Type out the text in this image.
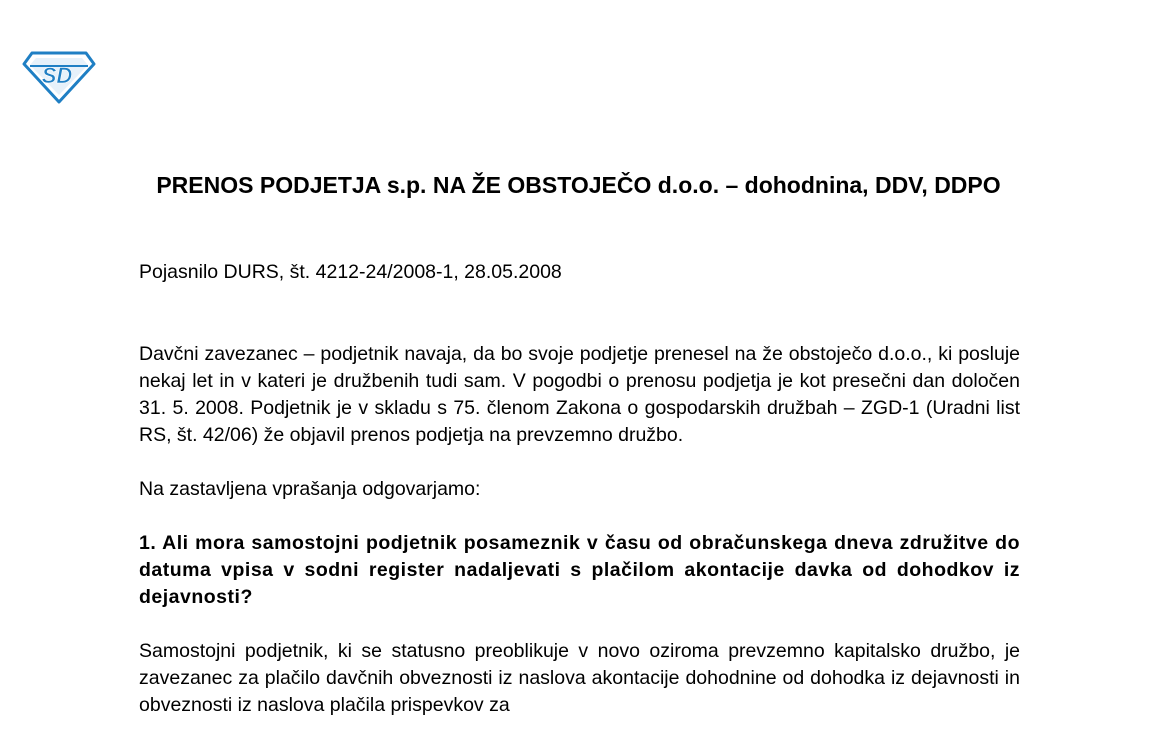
SD
PRENOS PODJETJA s.p. NA ŽE OBSTOJEČO d.o.o. – dohodnina, DDV, DDPO

Pojasnilo DURS, št. 4212-24/2008-1, 28.05.2008

Davčni zavezanec – podjetnik navaja, da bo svoje podjetje prenesel na že obstoječo d.o.o., ki posluje nekaj let in v kateri je družbenih tudi sam. V pogodbi o prenosu podjetja je kot presečni dan določen 31. 5. 2008. Podjetnik je v skladu s 75. členom Zakona o gospodarskih družbah – ZGD-1 (Uradni list RS, št. 42/06) že objavil prenos podjetja na prevzemno družbo.

Na zastavljena vprašanja odgovarjamo:

1. Ali mora samostojni podjetnik posameznik v času od obračunskega dneva združitve do datuma vpisa v sodni register nadaljevati s plačilom akontacije davka od dohodkov iz dejavnosti?

Samostojni podjetnik, ki se statusno preoblikuje v novo oziroma prevzemno kapitalsko družbo, je zavezanec za plačilo davčnih obveznosti iz naslova akontacije dohodnine od dohodka iz dejavnosti in obveznosti iz naslova plačila prispevkov za
